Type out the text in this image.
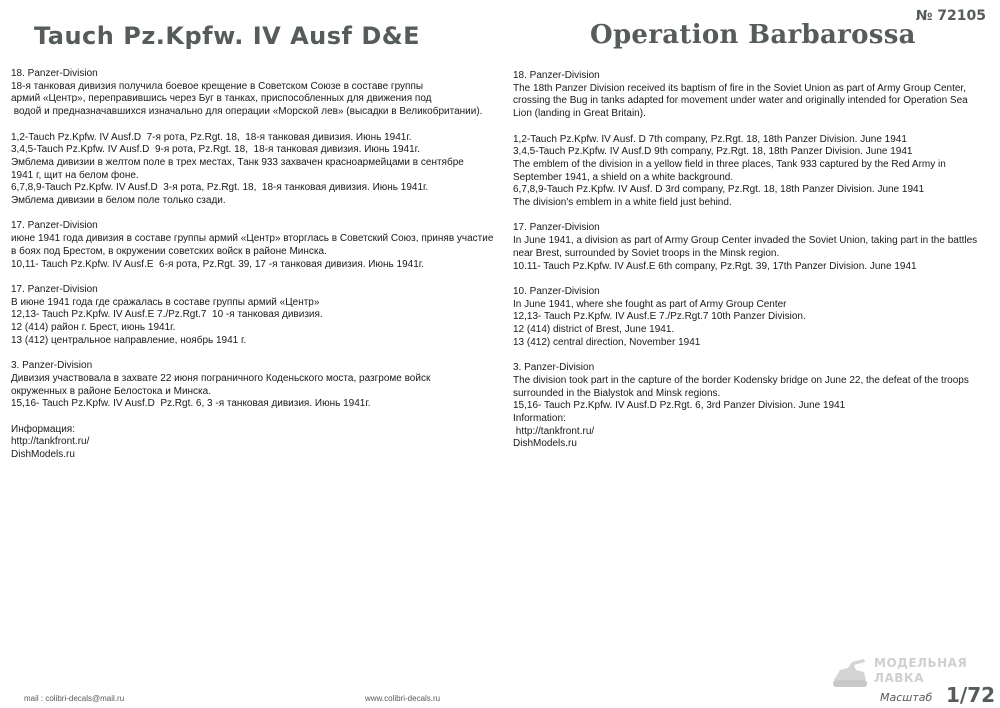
Tauch Pz.Kpfw. IV Ausf D&E	Operation Barbarossa
№ 72105
18. Panzer-Division
18-я танковая дивизия получила боевое крещение в Советском Союзе в составе группы
армий «Центр», переправившись через Буг в танках, приспособленных для движения под
водой и предназначавшихся изначально для операции «Морской лев» (высадки в Великобритании).
1,2-Tauch Pz.Kpfw. IV Ausf.D  7-я рота, Pz.Rgt. 18,  18-я танковая дивизия. Июнь 1941г.
3,4,5-Tauch Pz.Kpfw. IV Ausf.D  9-я рота, Pz.Rgt. 18,  18-я танковая дивизия. Июнь 1941г.
Эмблема дивизии в желтом поле в трех местах, Танк 933 захвачен красноармейцами в сентябре
1941 г, щит на белом фоне.
6,7,8,9-Tauch Pz.Kpfw. IV Ausf.D  3-я рота, Pz.Rgt. 18,  18-я танковая дивизия. Июнь 1941г.
Эмблема дивизии в белом поле только сзади.
17. Panzer-Division
июне 1941 года дивизия в составе группы армий «Центр» вторглась в Советский Союз, приняв участие
в боях под Брестом, в окружении советских войск в районе Минска.
10,11- Tauch Pz.Kpfw. IV Ausf.E  6-я рота, Pz.Rgt. 39, 17 -я танковая дивизия. Июнь 1941г.
17. Panzer-Division
В июне 1941 года где сражалась в составе группы армий «Центр»
12,13- Tauch Pz.Kpfw. IV Ausf.E 7./Pz.Rgt.7  10 -я танковая дивизия.
12 (414) район г. Брест, июнь 1941г.
13 (412) центральное направление, ноябрь 1941 г.
3. Panzer-Division
Дивизия участвовала в захвате 22 июня пограничного Коденьского моста, разгроме войск
окруженных в районе Белостока и Минска.
15,16- Tauch Pz.Kpfw. IV Ausf.D  Pz.Rgt. 6, 3 -я танковая дивизия. Июнь 1941г.
Информация:
http://tankfront.ru/
DishModels.ru
18. Panzer-Division
The 18th Panzer Division received its baptism of fire in the Soviet Union as part of Army Group Center,
crossing the Bug in tanks adapted for movement under water and originally intended for Operation Sea
Lion (landing in Great Britain).
1,2-Tauch Pz.Kpfw. IV Ausf. D 7th company, Pz.Rgt. 18, 18th Panzer Division. June 1941
3,4,5-Tauch Pz.Kpfw. IV Ausf.D 9th company, Pz.Rgt. 18, 18th Panzer Division. June 1941
The emblem of the division in a yellow field in three places, Tank 933 captured by the Red Army in
September 1941, a shield on a white background.
6,7,8,9-Tauch Pz.Kpfw. IV Ausf. D 3rd company, Pz.Rgt. 18, 18th Panzer Division. June 1941
The division's emblem in a white field just behind.
17. Panzer-Division
In June 1941, a division as part of Army Group Center invaded the Soviet Union, taking part in the battles
near Brest, surrounded by Soviet troops in the Minsk region.
10.11- Tauch Pz.Kpfw. IV Ausf.E 6th company, Pz.Rgt. 39, 17th Panzer Division. June 1941
10. Panzer-Division
In June 1941, where she fought as part of Army Group Center
12,13- Tauch Pz.Kpfw. IV Ausf.E 7./Pz.Rgt.7 10th Panzer Division.
12 (414) district of Brest, June 1941.
13 (412) central direction, November 1941
3. Panzer-Division
The division took part in the capture of the border Kodensky bridge on June 22, the defeat of the troops
surrounded in the Bialystok and Minsk regions.
15,16- Tauch Pz.Kpfw. IV Ausf.D Pz.Rgt. 6, 3rd Panzer Division. June 1941
Information:
http://tankfront.ru/
DishModels.ru
mail : colibri-decals@mail.ru	www.colibri-decals.ru
МОДЕЛЬНАЯ
ЛАВКА
Масштаб 1/72
